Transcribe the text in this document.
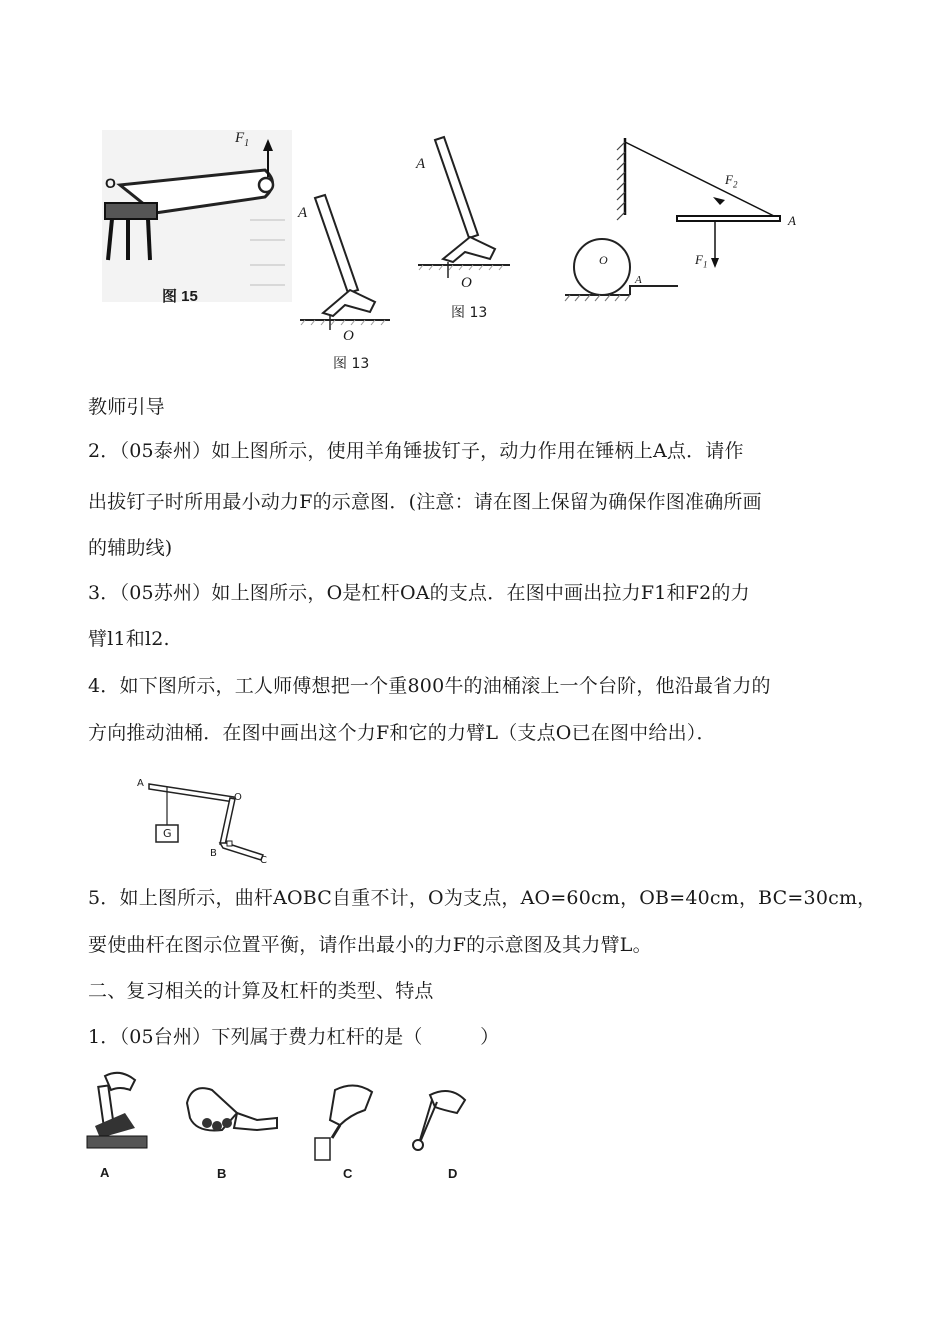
$F_1$
O
图 15
A
O
图 13
A
O
图 13
$F_2$
A
$F_1$
O
A
教师引导
2．（05泰州）如上图所示，使用羊角锤拔钉子，动力作用在锤柄上A点．请作
出拔钉子时所用最小动力F的示意图．(注意：请在图上保留为确保作图准确所画
的辅助线)
3．（05苏州）如上图所示，O是杠杆OA的支点．在图中画出拉力F1和F2的力
臂l1和l2.
4．如下图所示，工人师傅想把一个重800牛的油桶滚上一个台阶，他沿最省力的
方向推动油桶．在图中画出这个力F和它的力臂L（支点O已在图中给出）．
A
O
G
B
C
5．如上图所示，曲杆AOBC自重不计，O为支点，AO=60cm，OB=40cm，BC=30cm，
要使曲杆在图示位置平衡，请作出最小的力F的示意图及其力臂L。
二、复习相关的计算及杠杆的类型、特点
1．（05台州）下列属于费力杠杆的是（　　　）
A	B	C	D
